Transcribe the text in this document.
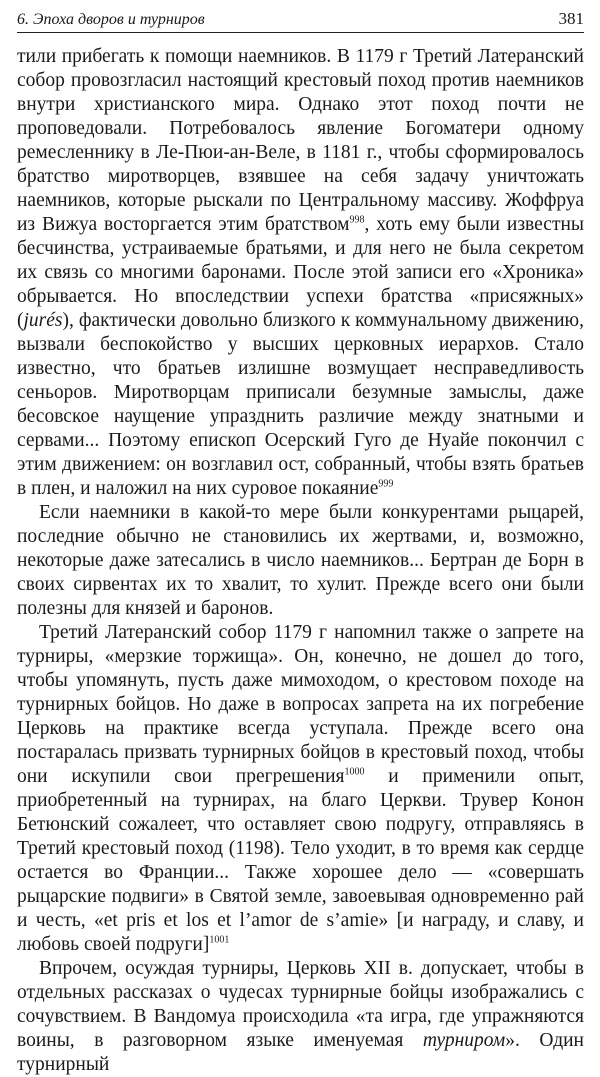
6. Эпоха дворов и турниров	381

тили прибегать к помощи наемников. В 1179 г Третий Латеранский собор провозгласил настоящий крестовый поход против наемников внутри христианского мира. Однако этот поход почти не проповедовали. Потребовалось явление Богоматери одному ремесленнику в Ле-Пюи-ан-Веле, в 1181 г., чтобы сформировалось братство миротворцев, взявшее на себя задачу уничтожать наемников, которые рыскали по Центральному массиву. Жоффруа из Вижуа восторгается этим братством$^{998}$, хоть ему были известны бесчинства, устраиваемые братьями, и для него не была секретом их связь со многими баронами. После этой записи его «Хроника» обрывается. Но впоследствии успехи братства «присяжных» (jurés), фактически довольно близкого к коммунальному движению, вызвали беспокойство у высших церковных иерархов. Стало известно, что братьев излишне возмущает несправедливость сеньоров. Миротворцам приписали безумные замыслы, даже бесовское наущение упразднить различие между знатными и сервами... Поэтому епископ Осерский Гуго де Нуайе покончил с этим движением: он возглавил ост, собранный, чтобы взять братьев в плен, и наложил на них суровое покаяние$^{999}$

Если наемники в какой-то мере были конкурентами рыцарей, последние обычно не становились их жертвами, и, возможно, некоторые даже затесались в число наемников... Бертран де Борн в своих сирвентах их то хвалит, то хулит. Прежде всего они были полезны для князей и баронов.

Третий Латеранский собор 1179 г напомнил также о запрете на турниры, «мерзкие торжища». Он, конечно, не дошел до того, чтобы упомянуть, пусть даже мимоходом, о крестовом походе на турнирных бойцов. Но даже в вопросах запрета на их погребение Церковь на практике всегда уступала. Прежде всего она постаралась призвать турнирных бойцов в крестовый поход, чтобы они искупили свои прегрешения$^{1000}$ и применили опыт, приобретенный на турнирах, на благо Церкви. Трувер Конон Бетюнский сожалеет, что оставляет свою подругу, отправляясь в Третий крестовый поход (1198). Тело уходит, в то время как сердце остается во Франции... Также хорошее дело — «совершать рыцарские подвиги» в Святой земле, завоевывая одновременно рай и честь, «et pris et los et l’amor de s’amie» [и награду, и славу, и любовь своей подруги]$^{1001}$

Впрочем, осуждая турниры, Церковь XII в. допускает, чтобы в отдельных рассказах о чудесах турнирные бойцы изображались с сочувствием. В Вандомуа происходила «та игра, где упражняются воины, в разговорном языке именуемая турниром». Один турнирный
